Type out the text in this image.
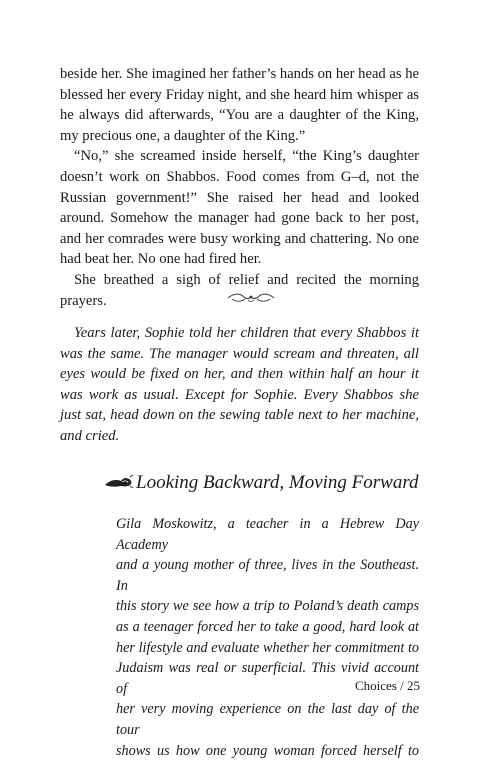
beside her. She imagined her father’s hands on her head as he blessed her every Friday night, and she heard him whisper as he always did afterwards, “You are a daughter of the King, my precious one, a daughter of the King.”

“No,” she screamed inside herself, “the King’s daughter doesn’t work on Shabbos. Food comes from G–d, not the Russian government!” She raised her head and looked around. Somehow the manager had gone back to her post, and her comrades were busy working and chattering. No one had beat her. No one had fired her.

She breathed a sigh of relief and recited the morning prayers.

Years later, Sophie told her children that every Shabbos it was the same. The manager would scream and threaten, all eyes would be fixed on her, and then within half an hour it was work as usual. Except for Sophie. Every Shabbos she just sat, head down on the sewing table next to her machine, and cried.

Looking Backward, Moving Forward
Gila Moskowitz, a teacher in a Hebrew Day Academy
and a young mother of three, lives in the Southeast. In
this story we see how a trip to Poland’s death camps
as a teenager forced her to take a good, hard look at
her lifestyle and evaluate whether her commitment to
Judaism was real or superficial. This vivid account of
her very moving experience on the last day of the tour
shows us how one young woman forced herself to
Choices / 25
